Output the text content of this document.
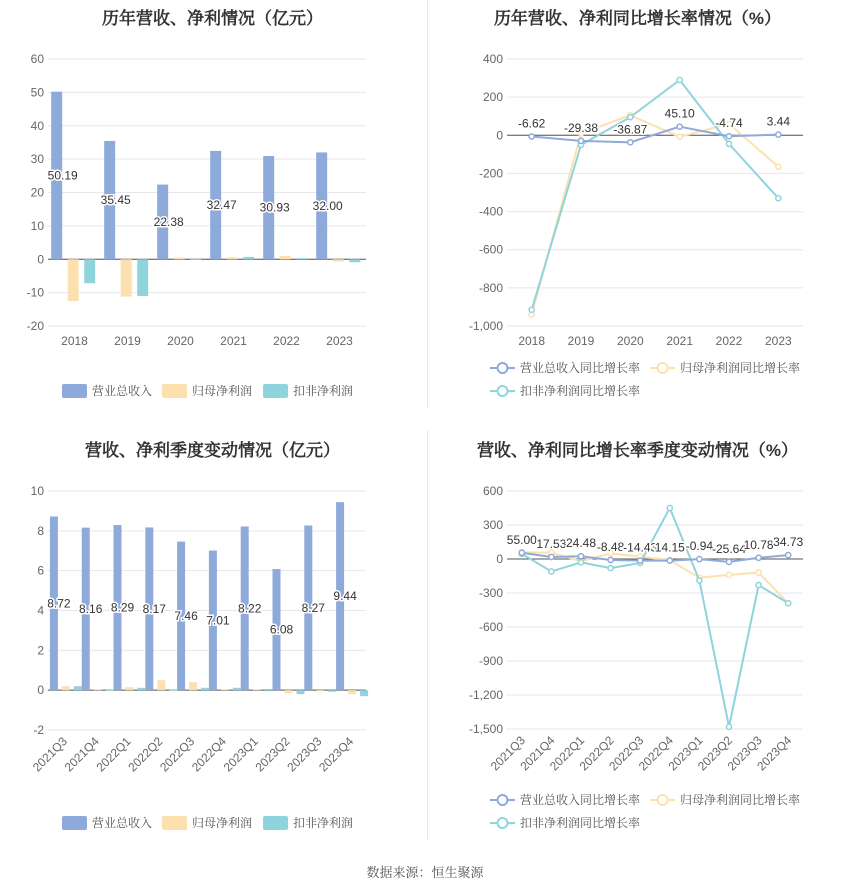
历年营收、净利情况（亿元）	历年营收、净利同比增长率情况（%）
营收、净利季度变动情况（亿元）	营收、净利同比增长率季度变动情况（%）
-20
-10
0
10
20
30
40
50
60
50.19
35.45
22.38
32.47 30.93 32.00
2018 2019 2020 2021 2022 2023
营业总收入	归母净利润	扣非净利润
-1,000
-800
-600
-400
-200
0
200
400
-6.62 -29.38 -36.87
45.10
-4.74 3.44
2018 2019 2020 2021 2022 2023
营业总收入同比增长率	归母净利润同比增长率
扣非净利润同比增长率
-2
0
2
4
6
8
10
8.72 8.16 8.29 8.17
7.46 7.01
8.22
6.08
8.27
9.44
2021Q3
2021Q4
2022Q1
2022Q2
2022Q3
2022Q4
2023Q1
2023Q2
2023Q3
2023Q4
营业总收入	归母净利润	扣非净利润
-1,500
-1,200
-900
-600
-300
0
300
600
55.00 17.53 24.48 -8.48
-14.43
14.15 -0.94
-25.64
10.78 34.73
2021Q3
2021Q4
2022Q1
2022Q2
2022Q3
2022Q4
2023Q1
2023Q2
2023Q3
2023Q4
营业总收入同比增长率	归母净利润同比增长率
扣非净利润同比增长率
数据来源：恒生聚源
